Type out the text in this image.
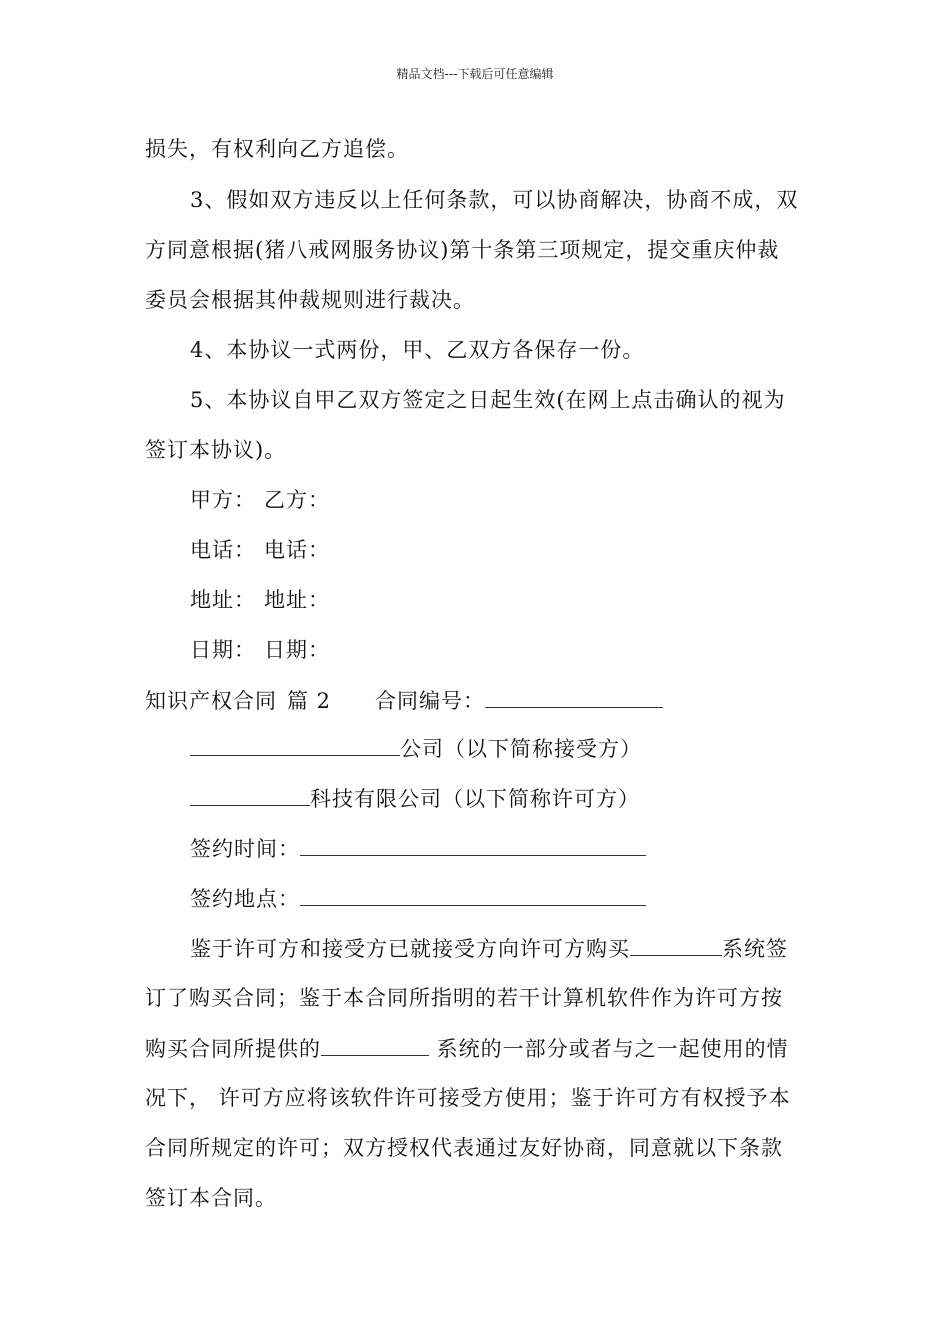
精品文档---下载后可任意编辑
损失，有权利向乙方追偿。
3、假如双方违反以上任何条款，可以协商解决，协商不成，双
方同意根据(猪八戒网服务协议)第十条第三项规定，提交重庆仲裁
委员会根据其仲裁规则进行裁决。
4、本协议一式两份，甲、乙双方各保存一份。
5、本协议自甲乙双方签定之日起生效(在网上点击确认的视为
签订本协议)。
甲方： 乙方：
电话： 电话：
地址： 地址：
日期： 日期：
知识产权合同 篇 2 合同编号：
公司（以下简称接受方）
科技有限公司（以下简称许可方）
签约时间：
签约地点：
鉴于许可方和接受方已就接受方向许可方购买	系统签
订了购买合同；鉴于本合同所指明的若干计算机软件作为许可方按
购买合同所提供的	系统的一部分或者与之一起使用的情
况下， 许可方应将该软件许可接受方使用；鉴于许可方有权授予本
合同所规定的许可；双方授权代表通过友好协商，同意就以下条款
签订本合同。
